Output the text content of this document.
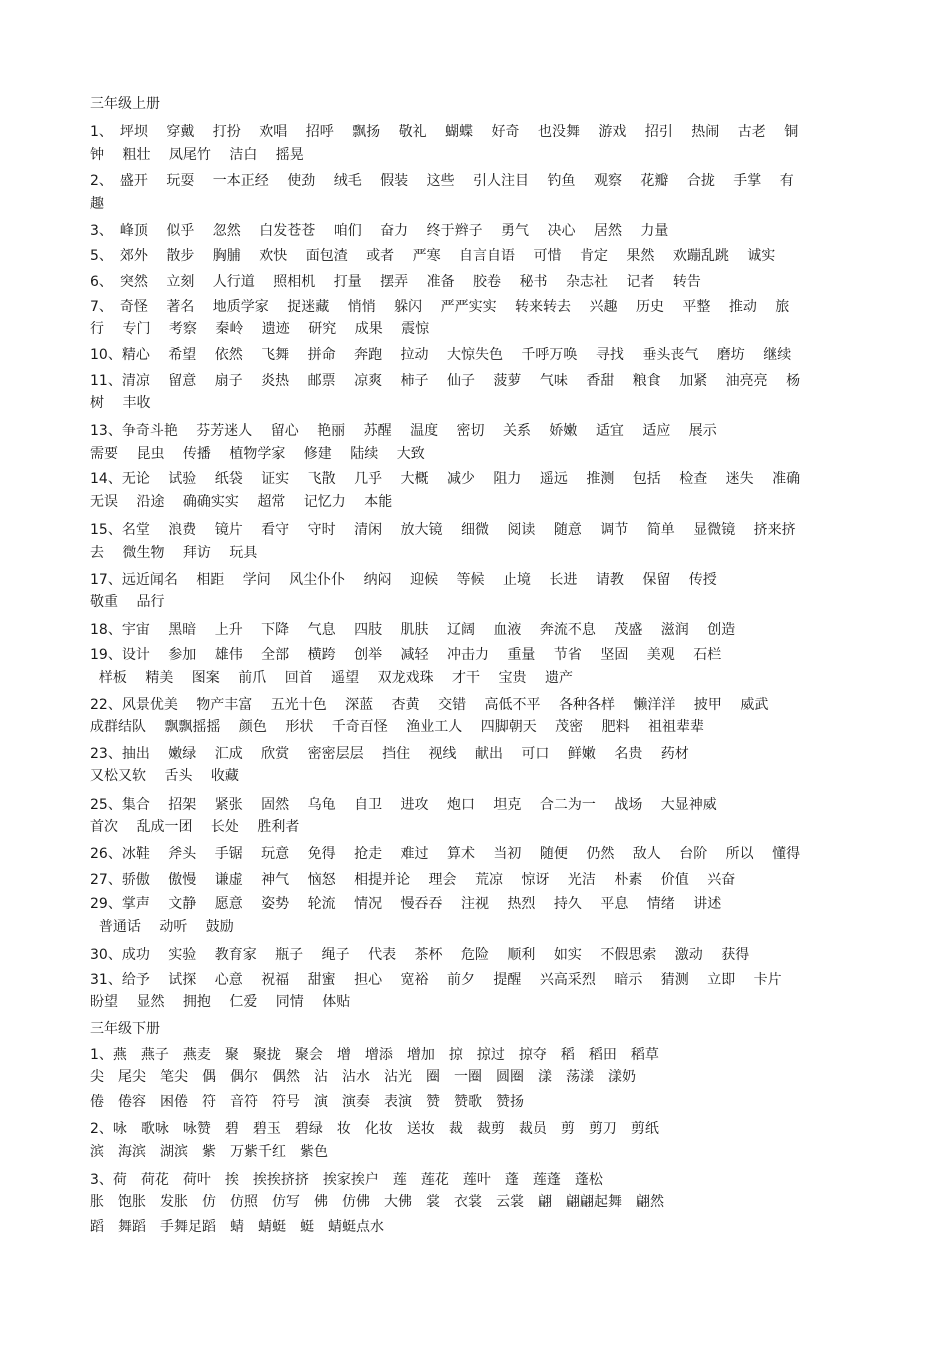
三年级上册
1、　坪坝　 穿戴　 打扮　 欢唱　 招呼　 飘扬　 敬礼　 蝴蝶　 好奇　 也没舞　 游戏　 招引　 热闹　 古老　 铜
钟　 粗壮　 凤尾竹　 洁白　 摇晃
2、　盛开　 玩耍　 一本正经　 使劲　 绒毛　 假装　 这些　 引人注目　 钓鱼　 观察　 花瓣　 合拢　 手掌　 有
趣
3、　峰顶　 似乎　 忽然　 白发苍苍　 咱们　 奋力　 终于辫子　 勇气　 决心　 居然　 力量
5、　郊外　 散步　 胸脯　 欢快　 面包渣　 或者　 严寒　 自言自语　 可惜　 肯定　 果然　 欢蹦乱跳　 诚实
6、　突然　 立刻　 人行道　 照相机　 打量　 摆弄　 准备　 胶卷　 秘书　 杂志社　 记者　 转告
7、　奇怪　 著名　 地质学家　 捉迷藏　 悄悄　 躲闪　 严严实实　 转来转去　 兴趣　 历史　 平整　 推动　 旅
行　 专门　 考察　 秦岭　 遗迹　 研究　 成果　 震惊
10、精心　 希望　 依然　 飞舞　 拼命　 奔跑　 拉动　 大惊失色　 千呼万唤　 寻找　 垂头丧气　 磨坊　 继续
11、清凉　 留意　 扇子　 炎热　 邮票　 凉爽　 柿子　 仙子　 菠萝　 气味　 香甜　 粮食　 加紧　 油亮亮　 杨
树　 丰收
13、争奇斗艳　 芬芳迷人　 留心　 艳丽　 苏醒　 温度　 密切　 关系　 娇嫩　 适宜　 适应　 展示
需要　 昆虫　 传播　 植物学家　 修建　 陆续　 大致
14、无论　 试验　 纸袋　 证实　 飞散　 几乎　 大概　 减少　 阻力　 遥远　 推测　 包括　 检查　 迷失　 准确
无误　 沿途　 确确实实　 超常　 记忆力　 本能
15、名堂　 浪费　 镜片　 看守　 守时　 清闲　 放大镜　 细微　 阅读　 随意　 调节　 简单　 显微镜　 挤来挤
去　 微生物　 拜访　 玩具
17、远近闻名　 相距　 学问　 风尘仆仆　 纳闷　 迎候　 等候　 止境　 长进　 请教　 保留　 传授
敬重　 品行
18、宇宙　 黑暗　 上升　 下降　 气息　 四肢　 肌肤　 辽阔　 血液　 奔流不息　 茂盛　 滋润　 创造
19、设计　 参加　 雄伟　 全部　 横跨　 创举　 减轻　 冲击力　 重量　 节省　 坚固　 美观　 石栏
样板　 精美　 图案　 前爪　 回首　 遥望　 双龙戏珠　 才干　 宝贵　 遗产
22、风景优美　 物产丰富　 五光十色　 深蓝　 杏黄　 交错　 高低不平　 各种各样　 懒洋洋　 披甲　 威武
成群结队　 飘飘摇摇　 颜色　 形状　 千奇百怪　 渔业工人　 四脚朝天　 茂密　 肥料　 祖祖辈辈
23、抽出　 嫩绿　 汇成　 欣赏　 密密层层　 挡住　 视线　 献出　 可口　 鲜嫩　 名贵　 药材
又松又软　 舌头　 收藏
25、集合　 招架　 紧张　 固然　 乌龟　 自卫　 进攻　 炮口　 坦克　 合二为一　 战场　 大显神威
首次　 乱成一团　 长处　 胜利者
26、冰鞋　 斧头　 手锯　 玩意　 免得　 抢走　 难过　 算术　 当初　 随便　 仍然　 敌人　 台阶　 所以　 懂得
27、骄傲　 傲慢　 谦虚　 神气　 恼怒　 相提并论　 理会　 荒凉　 惊讶　 光洁　 朴素　 价值　 兴奋
29、掌声　 文静　 愿意　 姿势　 轮流　 情况　 慢吞吞　 注视　 热烈　 持久　 平息　 情绪　 讲述
普通话　 动听　 鼓励
30、成功　 实验　 教育家　 瓶子　 绳子　 代表　 茶杯　 危险　 顺利　 如实　 不假思索　 激动　 获得
31、给予　 试探　 心意　 祝福　 甜蜜　 担心　 宽裕　 前夕　 提醒　 兴高采烈　 暗示　 猜测　 立即　 卡片
盼望　 显然　 拥抱　 仁爱　 同情　 体贴
三年级下册
1、燕　燕子　燕麦　聚　聚拢　聚会　增　增添　增加　掠　掠过　掠夺　稻　稻田　稻草
尖　尾尖　笔尖　偶　偶尔　偶然　沾　沾水　沾光　圈　一圈　圆圈　漾　荡漾　漾奶
倦　倦容　困倦　符　音符　符号　演　演奏　表演　赞　赞歌　赞扬
2、咏　歌咏　咏赞　碧　碧玉　碧绿　妆　化妆　送妆　裁　裁剪　裁员　剪　剪刀　剪纸
滨　海滨　湖滨　紫　万紫千红　紫色
3、荷　荷花　荷叶　挨　挨挨挤挤　挨家挨户　莲　莲花　莲叶　蓬　莲蓬　蓬松
胀　饱胀　发胀　仿　仿照　仿写　佛　仿佛　大佛　裳　衣裳　云裳　翩　翩翩起舞　翩然
蹈　舞蹈　手舞足蹈　蜻　蜻蜓　蜓　蜻蜓点水
